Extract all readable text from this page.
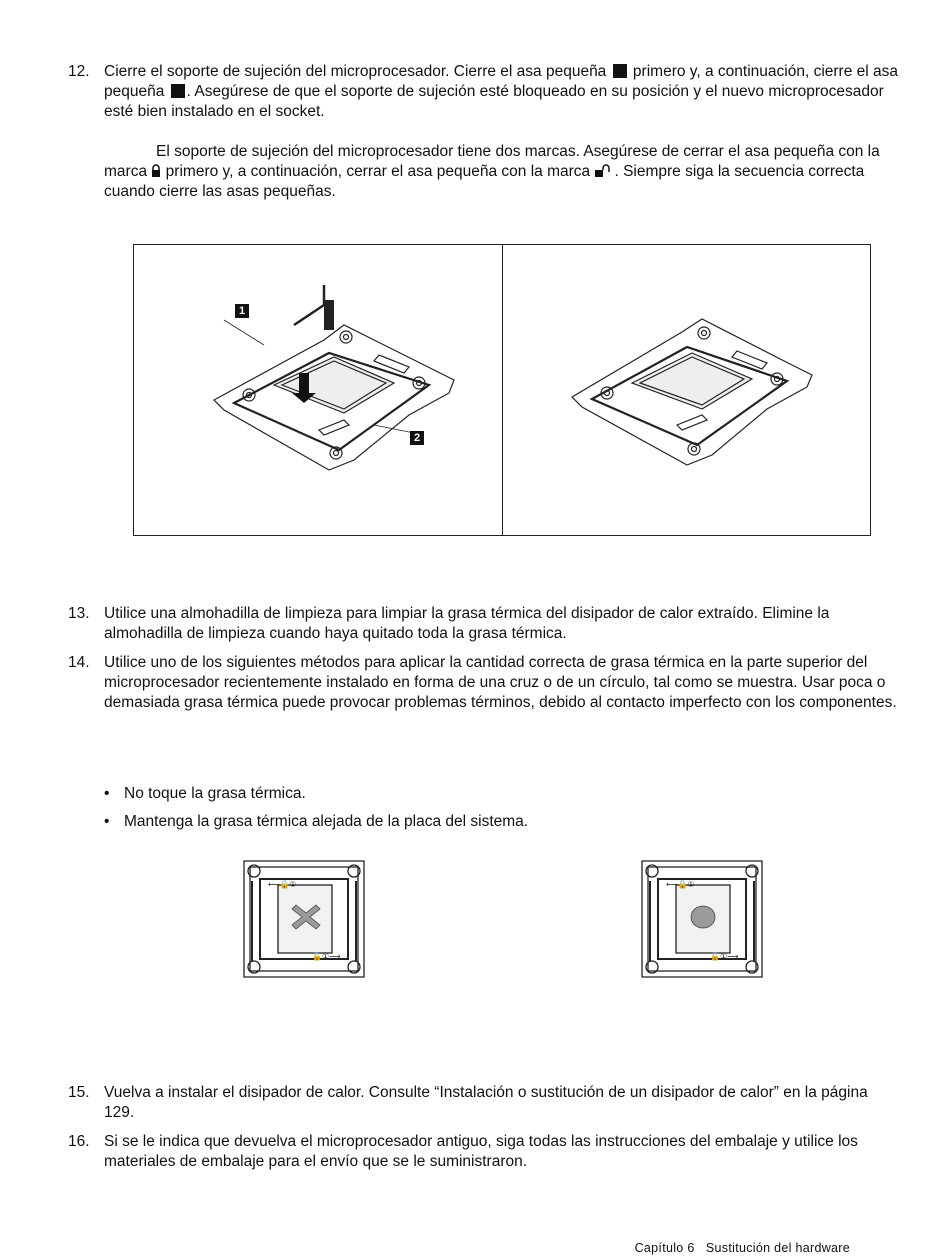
12. Cierre el soporte de sujeción del microprocesador. Cierre el asa pequeña  primero y, a continuación, cierre el asa pequeña . Asegúrese de que el soporte de sujeción esté bloqueado en su posición y el nuevo microprocesador esté bien instalado en el socket.
El soporte de sujeción del microprocesador tiene dos marcas. Asegúrese de cerrar el asa pequeña con la marca  primero y, a continuación, cerrar el asa pequeña con la marca . Siempre siga la secuencia correcta cuando cierre las asas pequeñas.
1
2
13. Utilice una almohadilla de limpieza para limpiar la grasa térmica del disipador de calor extraído. Elimine la almohadilla de limpieza cuando haya quitado toda la grasa térmica.
14. Utilice uno de los siguientes métodos para aplicar la cantidad correcta de grasa térmica en la parte superior del microprocesador recientemente instalado en forma de una cruz o de un círculo, tal como se muestra. Usar poca o demasiada grasa térmica puede provocar problemas términos, debido al contacto imperfecto con los componentes.
• No toque la grasa térmica.
• Mantenga la grasa térmica alejada de la placa del sistema.
⟵🔒①
🔓①⟶
⟵🔒①
🔓①⟶
15. Vuelva a instalar el disipador de calor. Consulte “Instalación o sustitución de un disipador de calor” en la página 129.
16. Si se le indica que devuelva el microprocesador antiguo, siga todas las instrucciones del embalaje y utilice los materiales de embalaje para el envío que se le suministraron.
Capítulo 6 Sustitución del hardware
